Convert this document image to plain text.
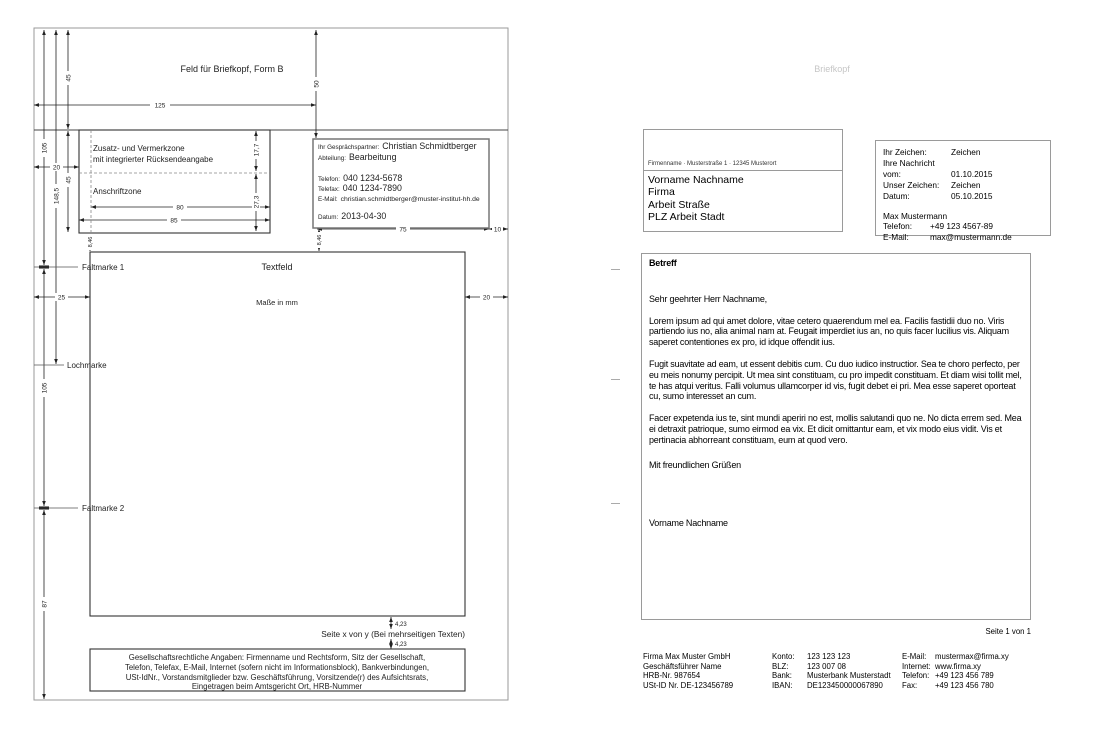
Feld für Briefkopf, Form B
Zusatz- und Vermerkzone
mit integrierter Rücksendeangabe
Anschriftzone
Textfeld
Maße in mm
Faltmarke 1
Lochmarke
Faltmarke 2
105
105
87
148,5
45
45
50
17,7
27,3
8,46	8,46
125
20
80
85
75	10
25	20
4,23
4,23
Ihr Gesprächspartner: Christian Schmidtberger
Abteilung: Bearbeitung
Telefon: 040 1234-5678
Telefax: 040 1234-7890
E-Mail: christian.schmidtberger@muster-institut-hh.de
Datum: 2013-04-30
Seite x von y (Bei mehrseitigen Texten)
Gesellschaftsrechtliche Angaben: Firmenname und Rechtsform, Sitz der Gesellschaft,
Telefon, Telefax, E-Mail, Internet (sofern nicht im Informationsblock), Bankverbindungen,
USt-IdNr., Vorstandsmitglieder bzw. Geschäftsführung, Vorsitzende(r) des Aufsichtsrats,
Eingetragen beim Amtsgericht Ort, HRB-Nummer
Briefkopf
Firmenname · Musterstraße 1 · 12345 Musterort
Vorname Nachname
Firma
Arbeit Straße
PLZ Arbeit Stadt
Ihr Zeichen:	Zeichen
Ihre Nachricht vom:	01.10.2015
Unser Zeichen: Zeichen
Datum:	05.10.2015
Max Mustermann
Telefon: +49 123 4567-89
E-Mail:	max@mustermann.de
Betreff
Sehr geehrter Herr Nachname,

Lorem ipsum ad qui amet dolore, vitae cetero quaerendum mel ea. Facilis fastidii duo no. Viris partiendo ius no, alia animal nam at. Feugait imperdiet ius an, no quis facer lucilius vis. Aliquam saperet contentiones ex pro, id idque offendit ius.

Fugit suavitate ad eam, ut essent debitis cum. Cu duo iudico instructior. Sea te choro perfecto, per eu meis nonumy percipit. Ut mea sint constituam, cu pro impedit constituam. Et diam wisi tollit mel, te has atqui veritus. Falli volumus ullamcorper id vis, fugit debet ei pri. Mea esse saperet oporteat cu, sumo interesset an cum.

Facer expetenda ius te, sint mundi aperiri no est, mollis salutandi quo ne. No dicta errem sed. Mea ei detraxit patrioque, sumo eirmod ea vix. Et dicit omittantur eam, et vix modo eius vidit. Vis et pertinacia abhorreant constituam, eum at quod vero.

Mit freundlichen Grüßen
Vorname Nachname
Seite 1 von 1
Firma Max Muster GmbH
Geschäftsführer Name
HRB-Nr. 987654
USt-ID Nr. DE-123456789
Konto: 123 123 123
BLZ: 123 007 08
Bank: Musterbank Musterstadt
IBAN: DE123450000067890
E-Mail: mustermax@firma.xy
Internet: www.firma.xy
Telefon: +49 123 456 789
Fax: +49 123 456 780
